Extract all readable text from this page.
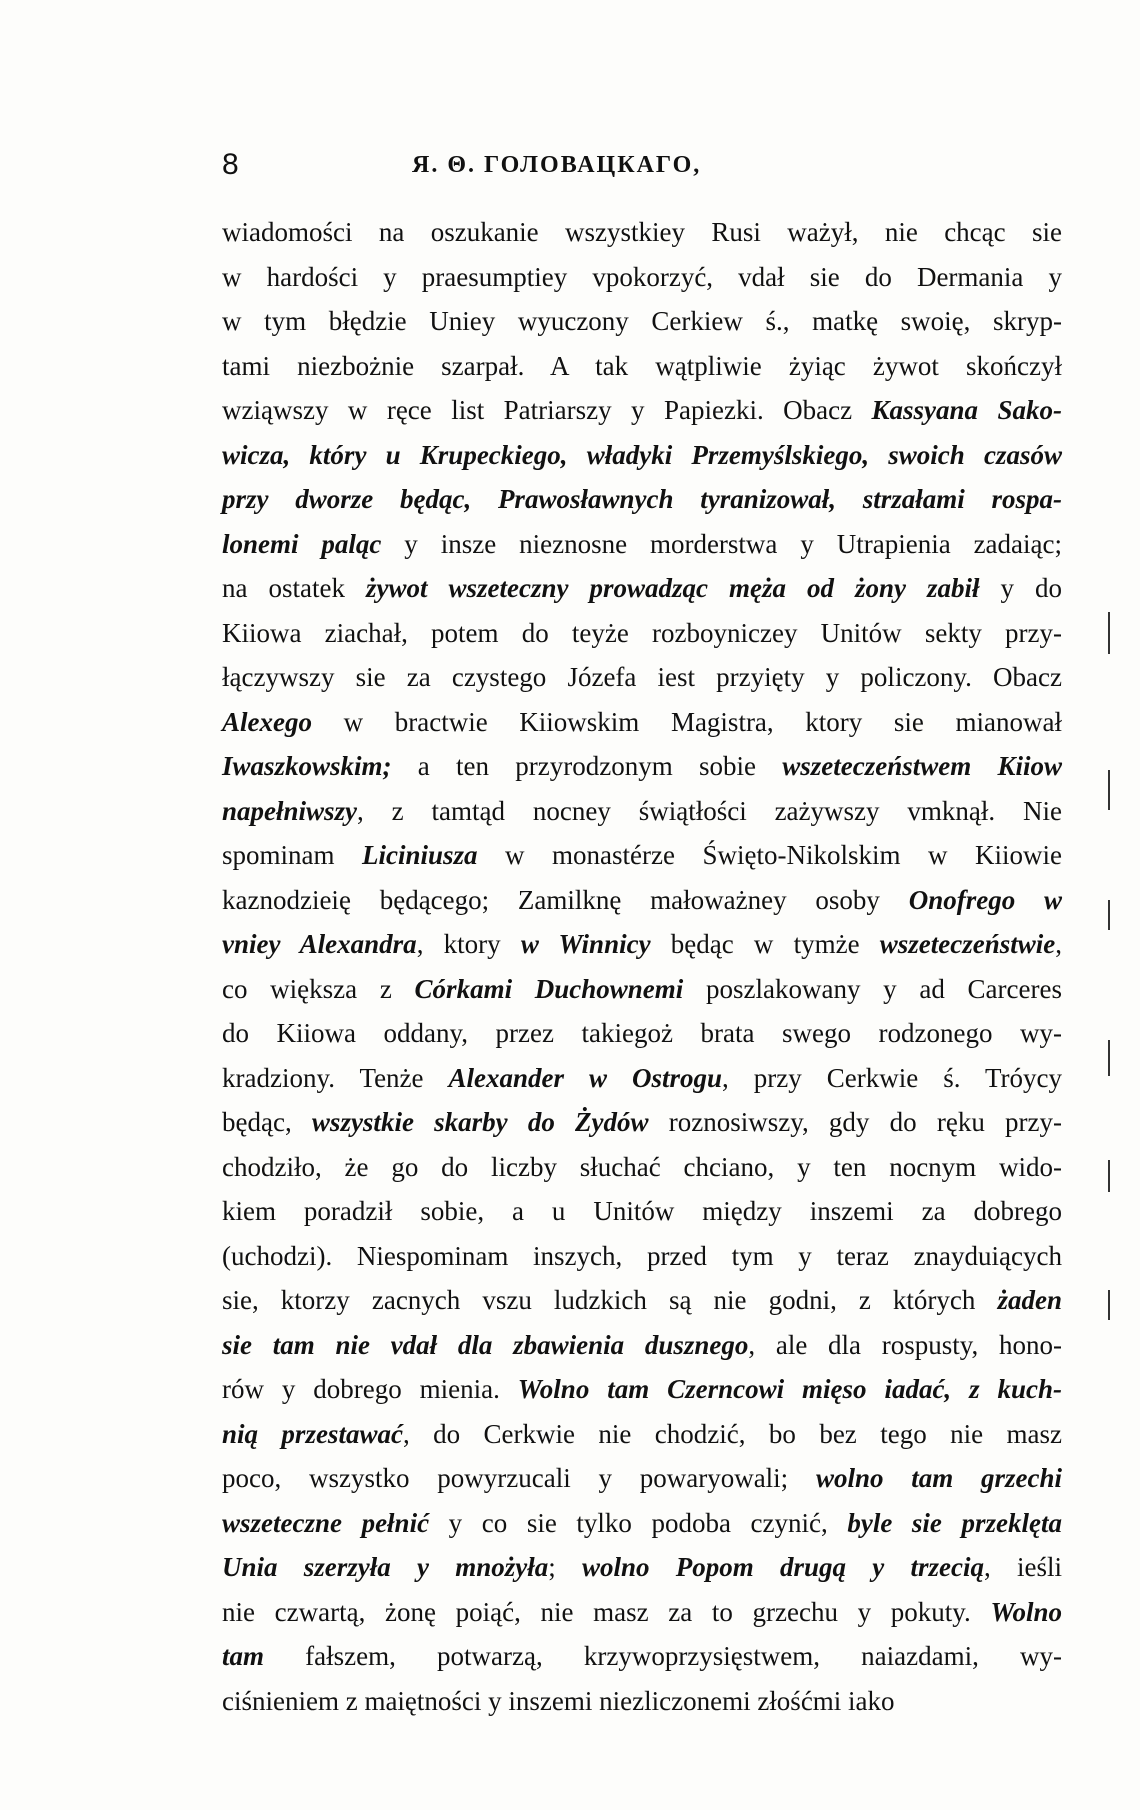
8	Я. Θ. ГОЛОВАЦКАГО,
wiadomości na oszukanie wszystkiey Rusi ważył, nie chcąc sie
w hardości y praesumptiey vpokorzyć, vdał sie do Dermania y
w tym błędzie Uniey wyuczony Cerkiew ś., matkę swoię, skryp-
tami niezbożnie szarpał. A tak wątpliwie żyiąc żywot skończył
wziąwszy w ręce list Patriarszy y Papiezki. Obacz Kassyana Sako-
wicza, który u Krupeckiego, władyki Przemyślskiego, swoich czasów
przy dworze będąc, Prawosławnych tyranizował, strzałami rospa-
lonemi paląc y insze nieznosne morderstwa y Utrapienia zadaiąc;
na ostatek żywot wszeteczny prowadząc męża od żony zabił y do
Kiiowa ziachał, potem do teyże rozboyniczey Unitów sekty przy-
łączywszy sie za czystego Józefa iest przyięty y policzony. Obacz
Alexego w bractwie Kiiowskim Magistra, ktory sie mianował
Iwaszkowskim; a ten przyrodzonym sobie wszeteczeństwem Kiiow
napełniwszy, z tamtąd nocney świątłości zażywszy vmknął. Nie
spominam Liciniusza w monastérze Święto-Nikolskim w Kiiowie
kaznodzieię będącego; Zamilknę małoważney osoby Onofrego w
vniey Alexandra, ktory w Winnicy będąc w tymże wszeteczeństwie,
co większa z Córkami Duchownemi poszlakowany y ad Carceres
do Kiiowa oddany, przez takiegoż brata swego rodzonego wy-
kradziony. Tenże Alexander w Ostrogu, przy Cerkwie ś. Tróycy
będąc, wszystkie skarby do Żydów roznosiwszy, gdy do ręku przy-
chodziło, że go do liczby słuchać chciano, y ten nocnym wido-
kiem poradził sobie, a u Unitów między inszemi za dobrego
(uchodzi). Niespominam inszych, przed tym y teraz znayduiących
sie, ktorzy zacnych vszu ludzkich są nie godni, z których żaden
sie tam nie vdał dla zbawienia dusznego, ale dla rospusty, hono-
rów y dobrego mienia. Wolno tam Czerncowi mięso iadać, z kuch-
nią przestawać, do Cerkwie nie chodzić, bo bez tego nie masz
poco, wszystko powyrzucali y powaryowali; wolno tam grzechi
wszeteczne pełnić y co sie tylko podoba czynić, byle sie przeklęta
Unia szerzyła y mnożyła; wolno Popom drugą y trzecią, ieśli
nie czwartą, żonę poiąć, nie masz za to grzechu y pokuty. Wolno
tam fałszem, potwarzą, krzywoprzysięstwem, naiazdami, wy-
ciśnieniem z maiętności y inszemi niezliczonemi złośćmi iako
